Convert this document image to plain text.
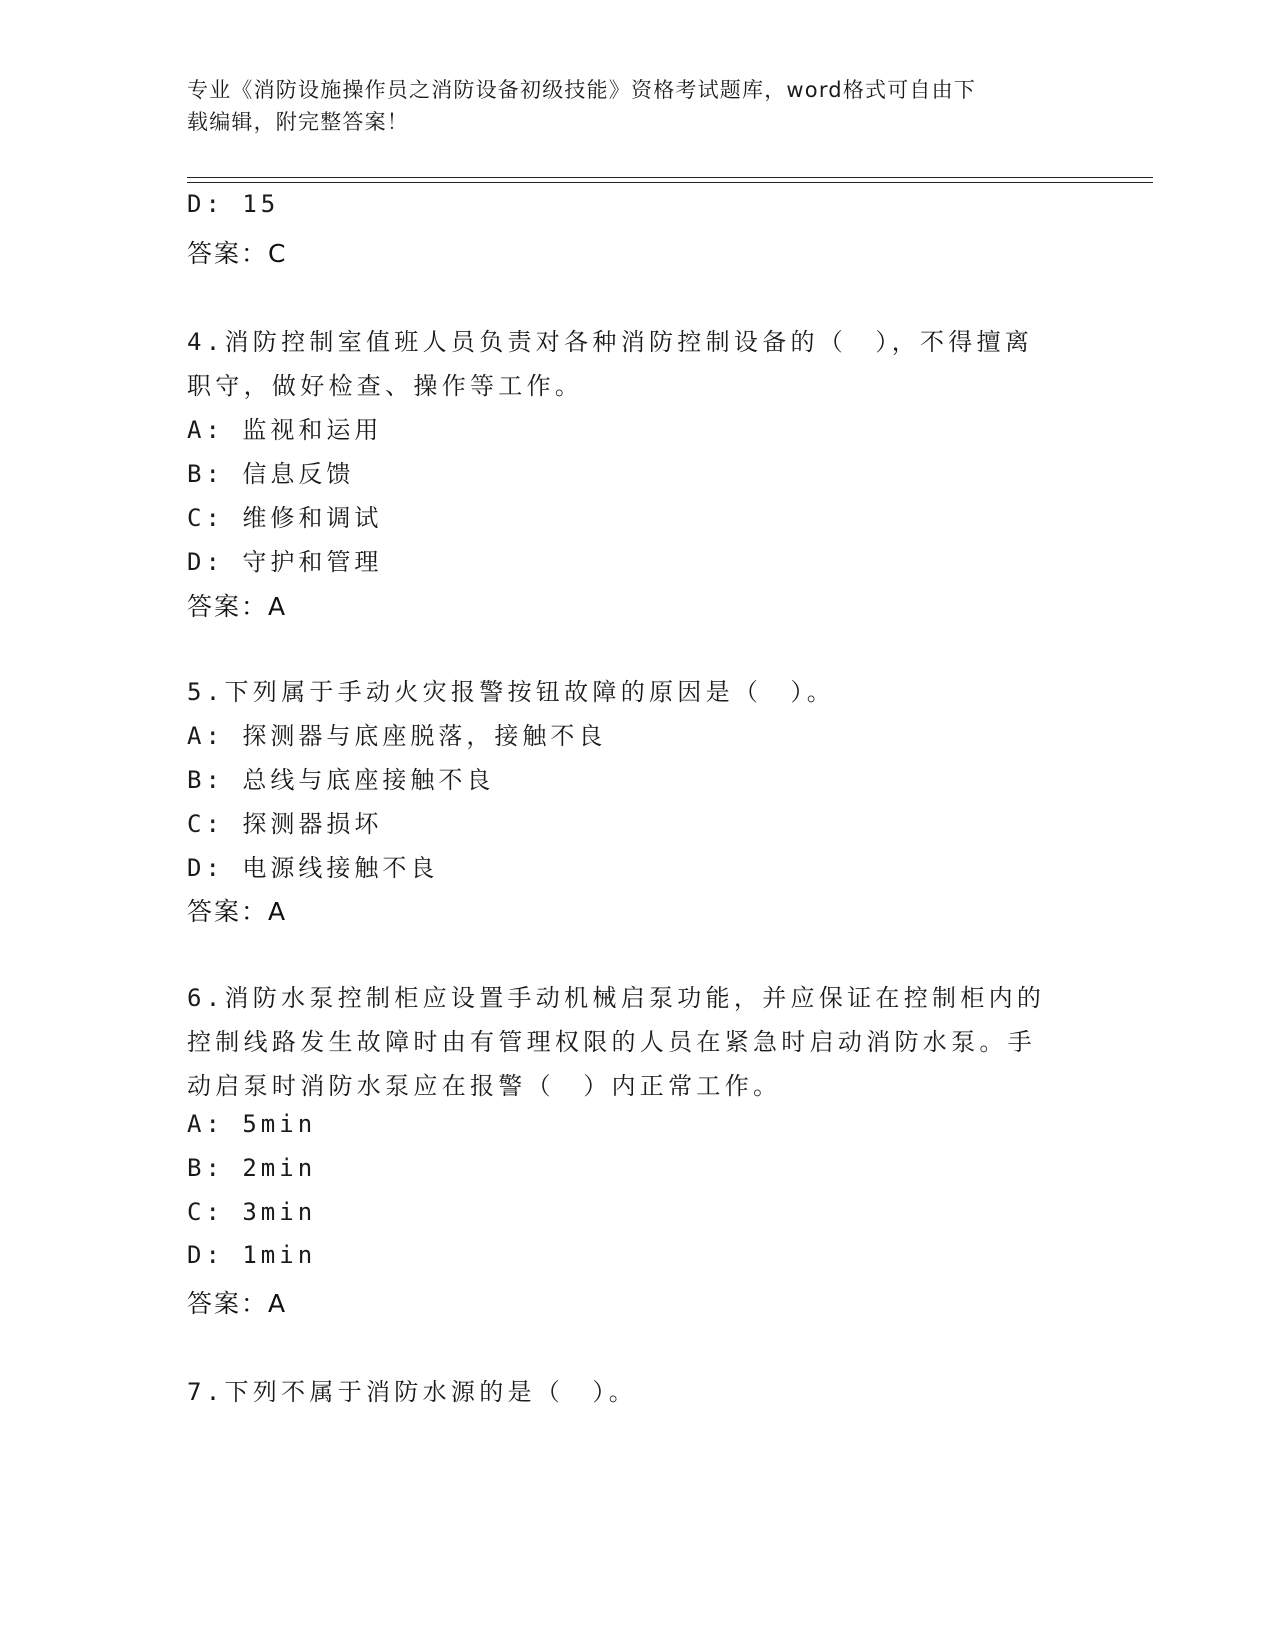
专业《消防设施操作员之消防设备初级技能》资格考试题库，word格式可自由下
载编辑，附完整答案！
D: 15
答案：C
4.消防控制室值班人员负责对各种消防控制设备的（　），不得擅离
职守，做好检查、操作等工作。
A: 监视和运用
B: 信息反馈
C: 维修和调试
D: 守护和管理
答案：A
5.下列属于手动火灾报警按钮故障的原因是（　）。
A: 探测器与底座脱落，接触不良
B: 总线与底座接触不良
C: 探测器损坏
D: 电源线接触不良
答案：A
6.消防水泵控制柜应设置手动机械启泵功能，并应保证在控制柜内的
控制线路发生故障时由有管理权限的人员在紧急时启动消防水泵。手
动启泵时消防水泵应在报警（　）内正常工作。
A: 5min
B: 2min
C: 3min
D: 1min
答案：A
7.下列不属于消防水源的是（　）。
